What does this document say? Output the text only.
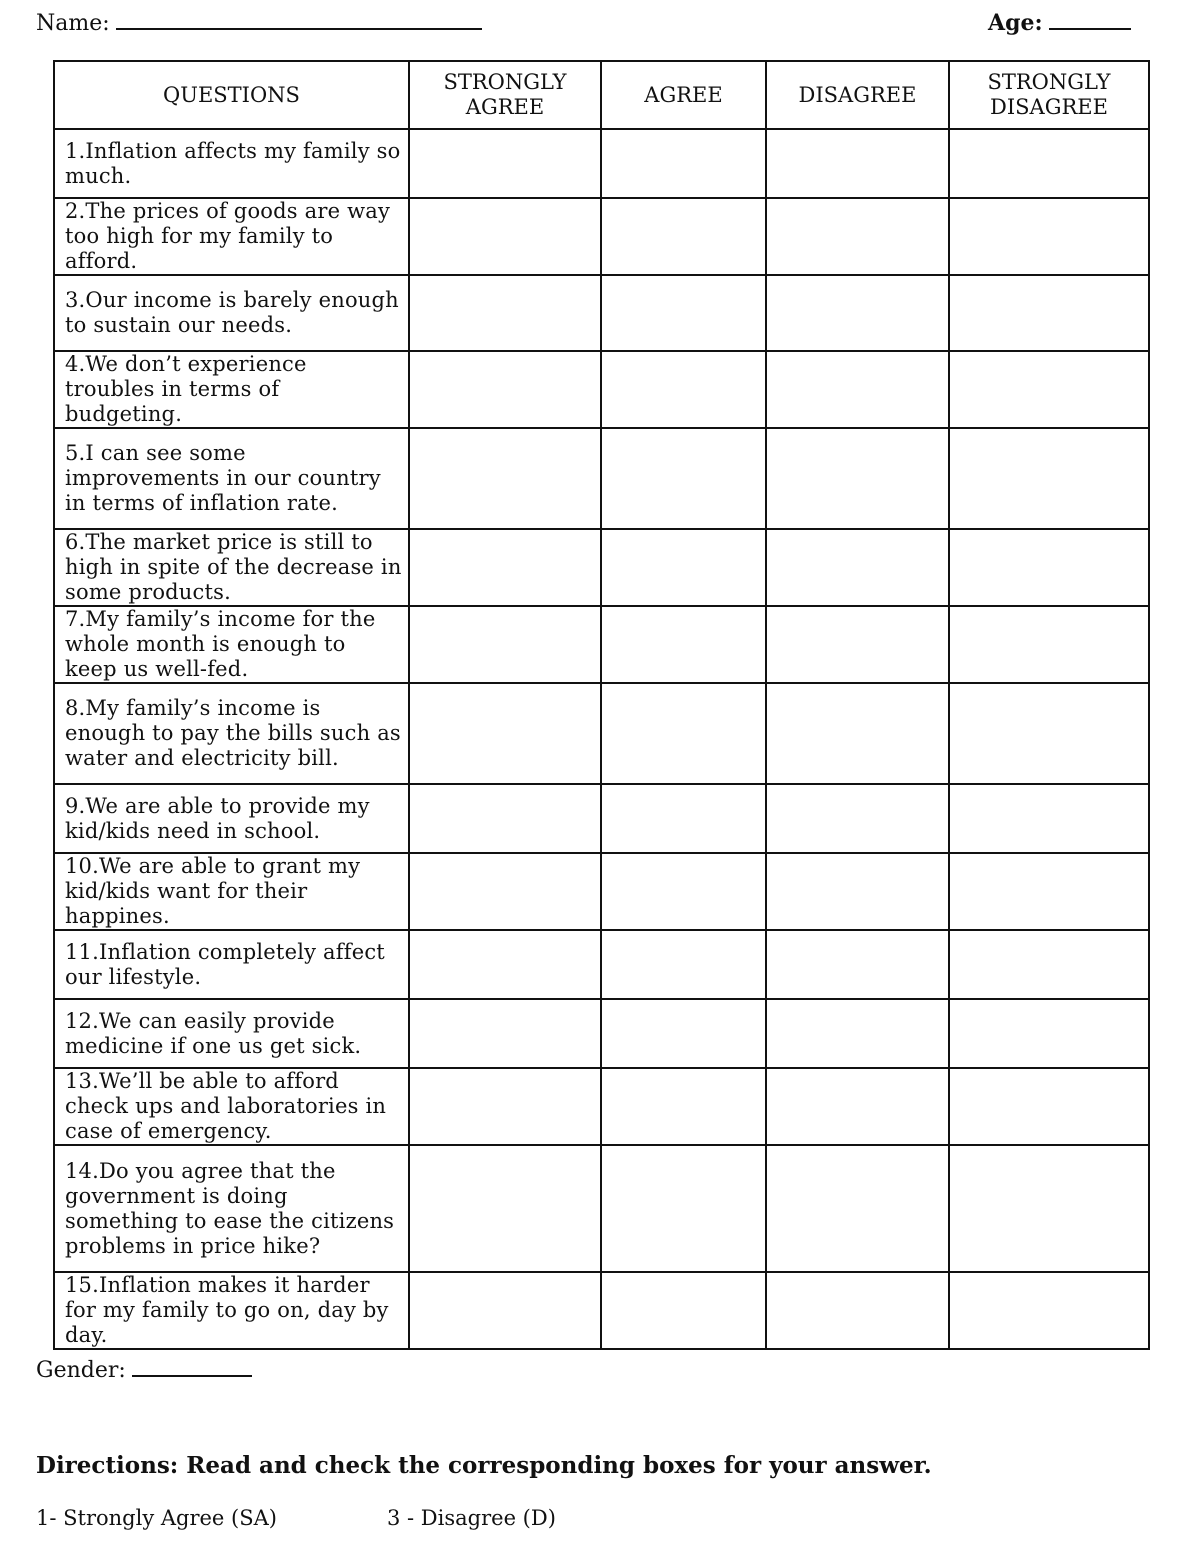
Name:	Age:
QUESTIONS	STRONGLY AGREE	AGREE	DISAGREE	STRONGLY DISAGREE
1.Inflation affects my family so much.				
2.The prices of goods are way too high for my family to afford.				
3.Our income is barely enough to sustain our needs.				
4.We don’t experience troubles in terms of budgeting.				
5.I can see some improvements in our country in terms of inflation rate.				
6.The market price is still to high in spite of the decrease in some products.				
7.My family’s income for the whole month is enough to keep us well-fed.				
8.My family’s income is enough to pay the bills such as water and electricity bill.				
9.We are able to provide my kid/kids need in school.				
10.We are able to grant my kid/kids want for their happines.				
11.Inflation completely affect our lifestyle.				
12.We can easily provide medicine if one us get sick.				
13.We’ll be able to afford check ups and laboratories in case of emergency.				
14.Do you agree that the government is doing something to ease the citizens problems in price hike?				
15.Inflation makes it harder for my family to go on, day by day.				
Gender:
Directions: Read and check the corresponding boxes for your answer.
1- Strongly Agree (SA)	3 - Disagree (D)
